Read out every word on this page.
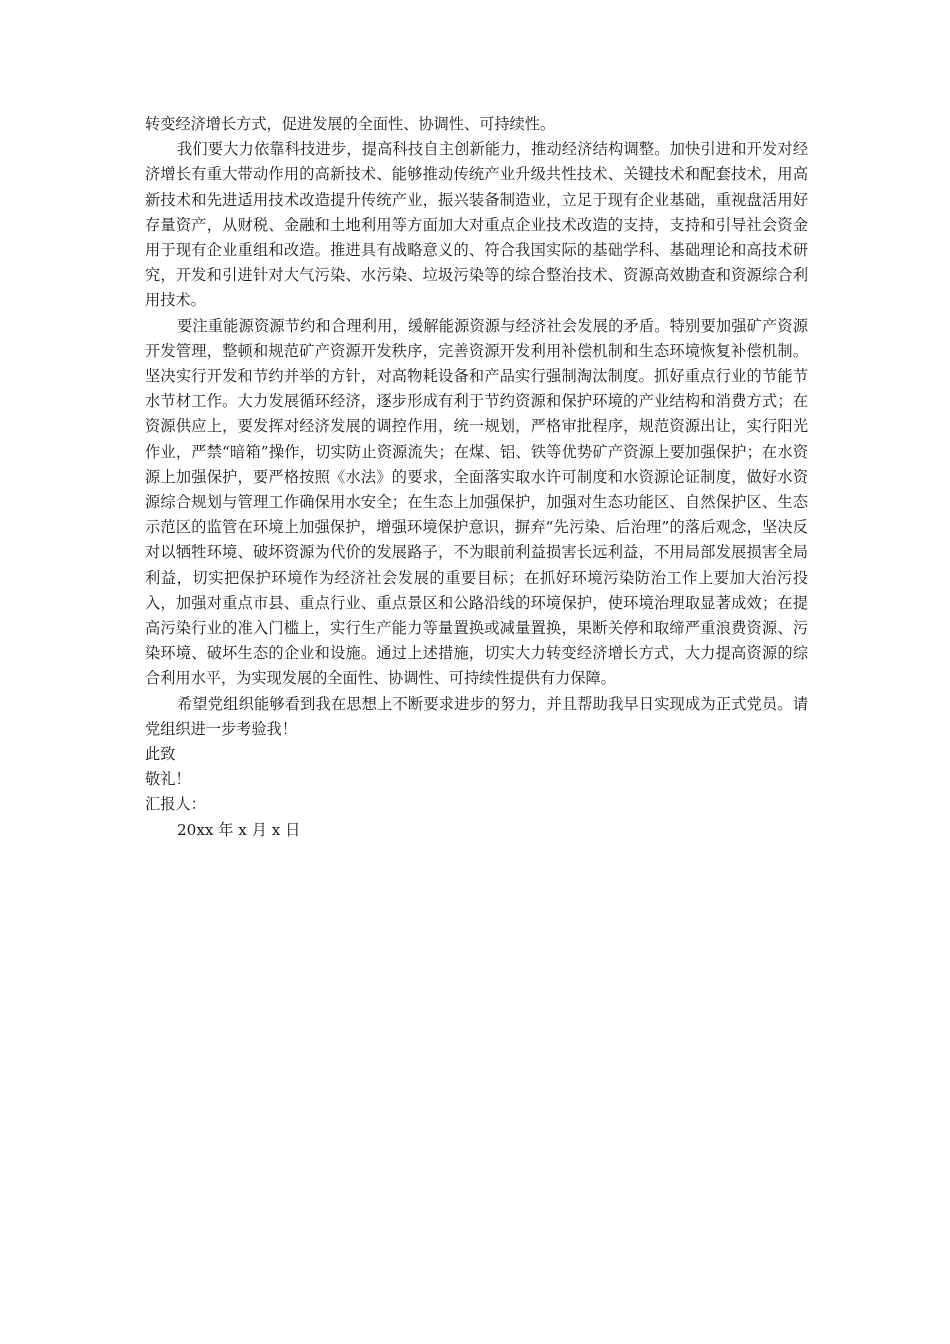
转变经济增长方式，促进发展的全面性、协调性、可持续性。

我们要大力依靠科技进步，提高科技自主创新能力，推动经济结构调整。加快引进和开发对经济增长有重大带动作用的高新技术、能够推动传统产业升级共性技术、关键技术和配套技术，用高新技术和先进适用技术改造提升传统产业，振兴装备制造业，立足于现有企业基础，重视盘活用好存量资产，从财税、金融和土地利用等方面加大对重点企业技术改造的支持，支持和引导社会资金用于现有企业重组和改造。推进具有战略意义的、符合我国实际的基础学科、基础理论和高技术研究，开发和引进针对大气污染、水污染、垃圾污染等的综合整治技术、资源高效勘查和资源综合利用技术。

要注重能源资源节约和合理利用，缓解能源资源与经济社会发展的矛盾。特别要加强矿产资源开发管理，整顿和规范矿产资源开发秩序，完善资源开发利用补偿机制和生态环境恢复补偿机制。坚决实行开发和节约并举的方针，对高物耗设备和产品实行强制淘汰制度。抓好重点行业的节能节水节材工作。大力发展循环经济，逐步形成有利于节约资源和保护环境的产业结构和消费方式；在资源供应上，要发挥对经济发展的调控作用，统一规划，严格审批程序，规范资源出让，实行阳光作业，严禁“暗箱”操作，切实防止资源流失；在煤、铝、铁等优势矿产资源上要加强保护；在水资源上加强保护，要严格按照《水法》的要求，全面落实取水许可制度和水资源论证制度，做好水资源综合规划与管理工作确保用水安全；在生态上加强保护，加强对生态功能区、自然保护区、生态示范区的监管在环境上加强保护，增强环境保护意识，摒弃“先污染、后治理”的落后观念，坚决反对以牺牲环境、破坏资源为代价的发展路子，不为眼前利益损害长远利益，不用局部发展损害全局利益，切实把保护环境作为经济社会发展的重要目标；在抓好环境污染防治工作上要加大治污投入，加强对重点市县、重点行业、重点景区和公路沿线的环境保护，使环境治理取显著成效；在提高污染行业的准入门槛上，实行生产能力等量置换或减量置换，果断关停和取缔严重浪费资源、污染环境、破坏生态的企业和设施。通过上述措施，切实大力转变经济增长方式，大力提高资源的综合利用水平，为实现发展的全面性、协调性、可持续性提供有力保障。

希望党组织能够看到我在思想上不断要求进步的努力，并且帮助我早日实现成为正式党员。请党组织进一步考验我！

此致

敬礼！

汇报人：

20xx 年 x 月 x 日
